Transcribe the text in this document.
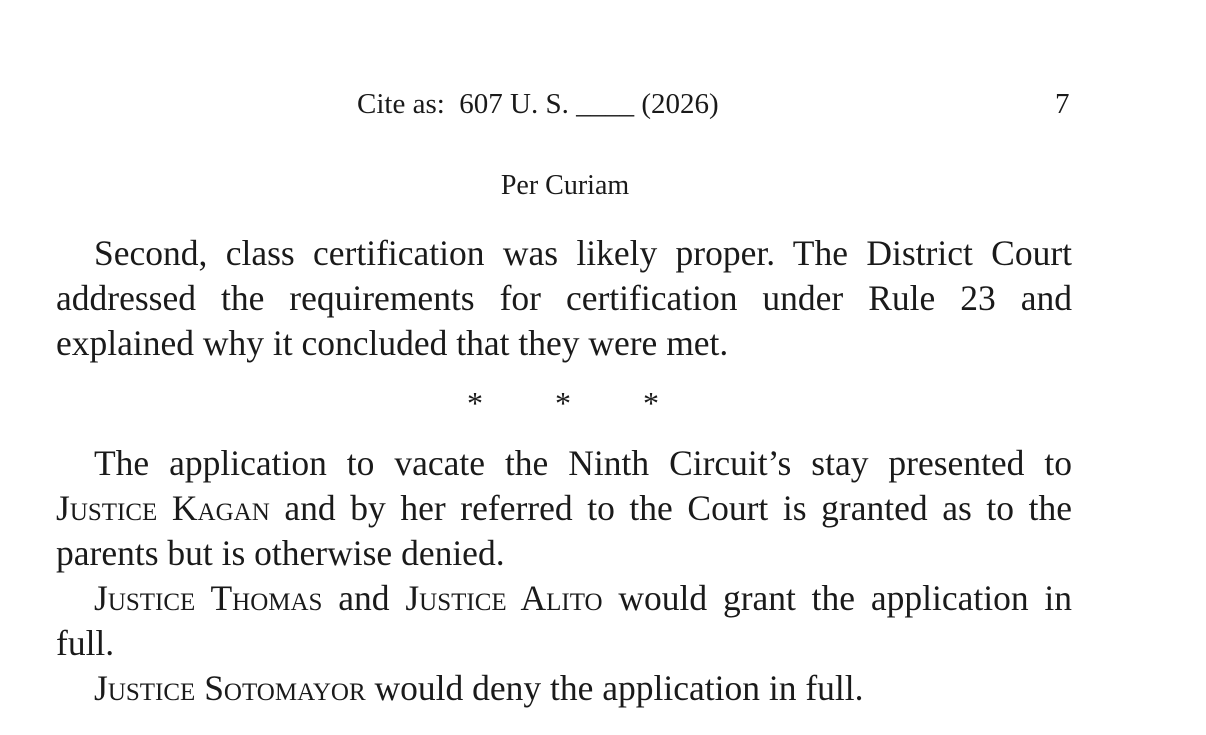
Cite as:  607 U. S. ____ (2026)	7
Per Curiam

Second, class certification was likely proper. The District Court addressed the requirements for certification under Rule 23 and explained why it concluded that they were met.

* * *

The application to vacate the Ninth Circuit’s stay presented to Justice Kagan and by her referred to the Court is granted as to the parents but is otherwise denied.

Justice Thomas and Justice Alito would grant the application in full.

Justice Sotomayor would deny the application in full.
